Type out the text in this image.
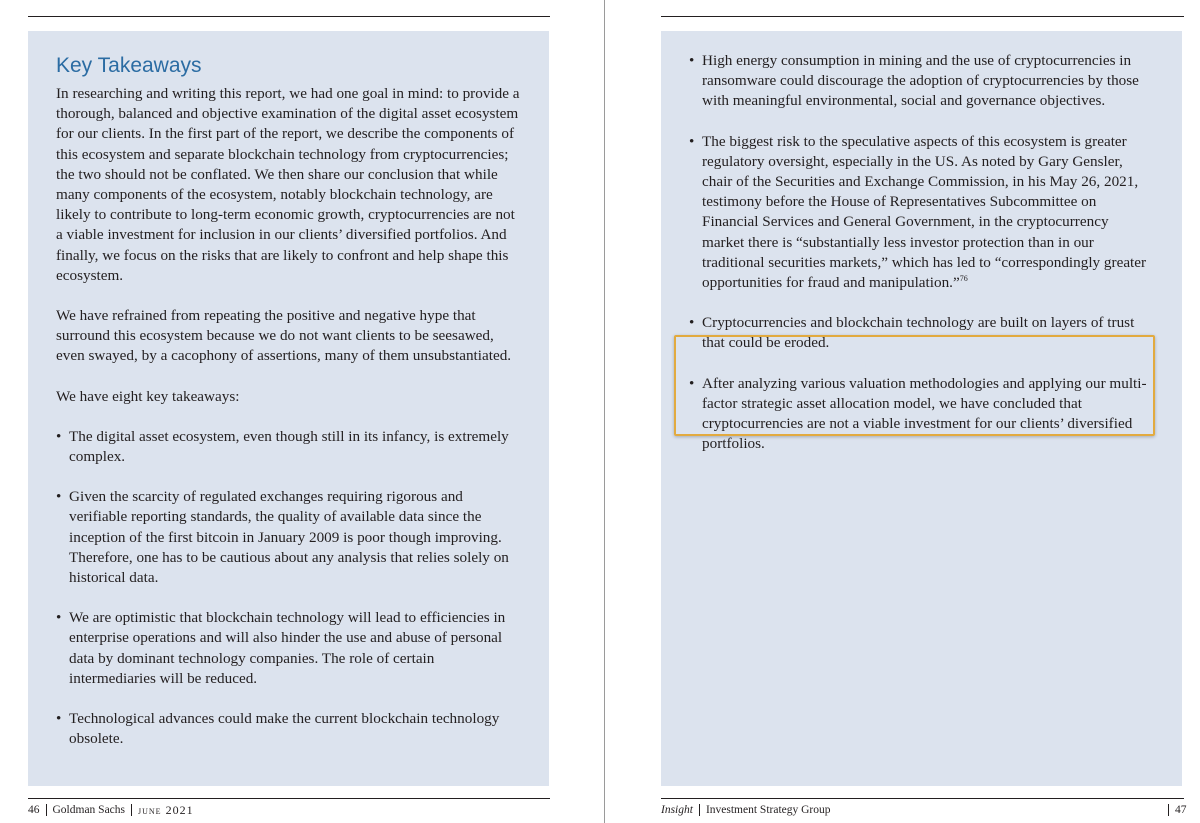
Key Takeaways

In researching and writing this report, we had one goal in mind: to provide a thorough, balanced and objective examination of the digital asset ecosystem for our clients. In the first part of the report, we describe the components of this ecosystem and separate blockchain technology from cryptocurrencies; the two should not be conflated. We then share our conclusion that while many components of the ecosystem, notably blockchain technology, are likely to contribute to long-term economic growth, cryptocurrencies are not a viable investment for inclusion in our clients’ diversified portfolios. And finally, we focus on the risks that are likely to confront and help shape this ecosystem.

We have refrained from repeating the positive and negative hype that surround this ecosystem because we do not want clients to be seesawed, even swayed, by a cacophony of assertions, many of them unsubstantiated.

We have eight key takeaways:

• The digital asset ecosystem, even though still in its infancy, is extremely complex.
• Given the scarcity of regulated exchanges requiring rigorous and verifiable reporting standards, the quality of available data since the inception of the first bitcoin in January 2009 is poor though improving. Therefore, one has to be cautious about any analysis that relies solely on historical data.
• We are optimistic that blockchain technology will lead to efficiencies in enterprise operations and will also hinder the use and abuse of personal data by dominant technology companies. The role of certain intermediaries will be reduced.
• Technological advances could make the current blockchain technology obsolete.
• High energy consumption in mining and the use of cryptocurrencies in ransomware could discourage the adoption of cryptocurrencies by those with meaningful environmental, social and governance objectives.
• The biggest risk to the speculative aspects of this ecosystem is greater regulatory oversight, especially in the US. As noted by Gary Gensler, chair of the Securities and Exchange Commission, in his May 26, 2021, testimony before the House of Representatives Subcommittee on Financial Services and General Government, in the cryptocurrency market there is “substantially less investor protection than in our traditional securities markets,” which has led to “correspondingly greater opportunities for fraud and manipulation.”$^{76}$
• Cryptocurrencies and blockchain technology are built on layers of trust that could be eroded.
• After analyzing various valuation methodologies and applying our multi-factor strategic asset allocation model, we have concluded that cryptocurrencies are not a viable investment for our clients’ diversified portfolios.
46 Goldman Sachs june 2021	Insight Investment Strategy Group	47
